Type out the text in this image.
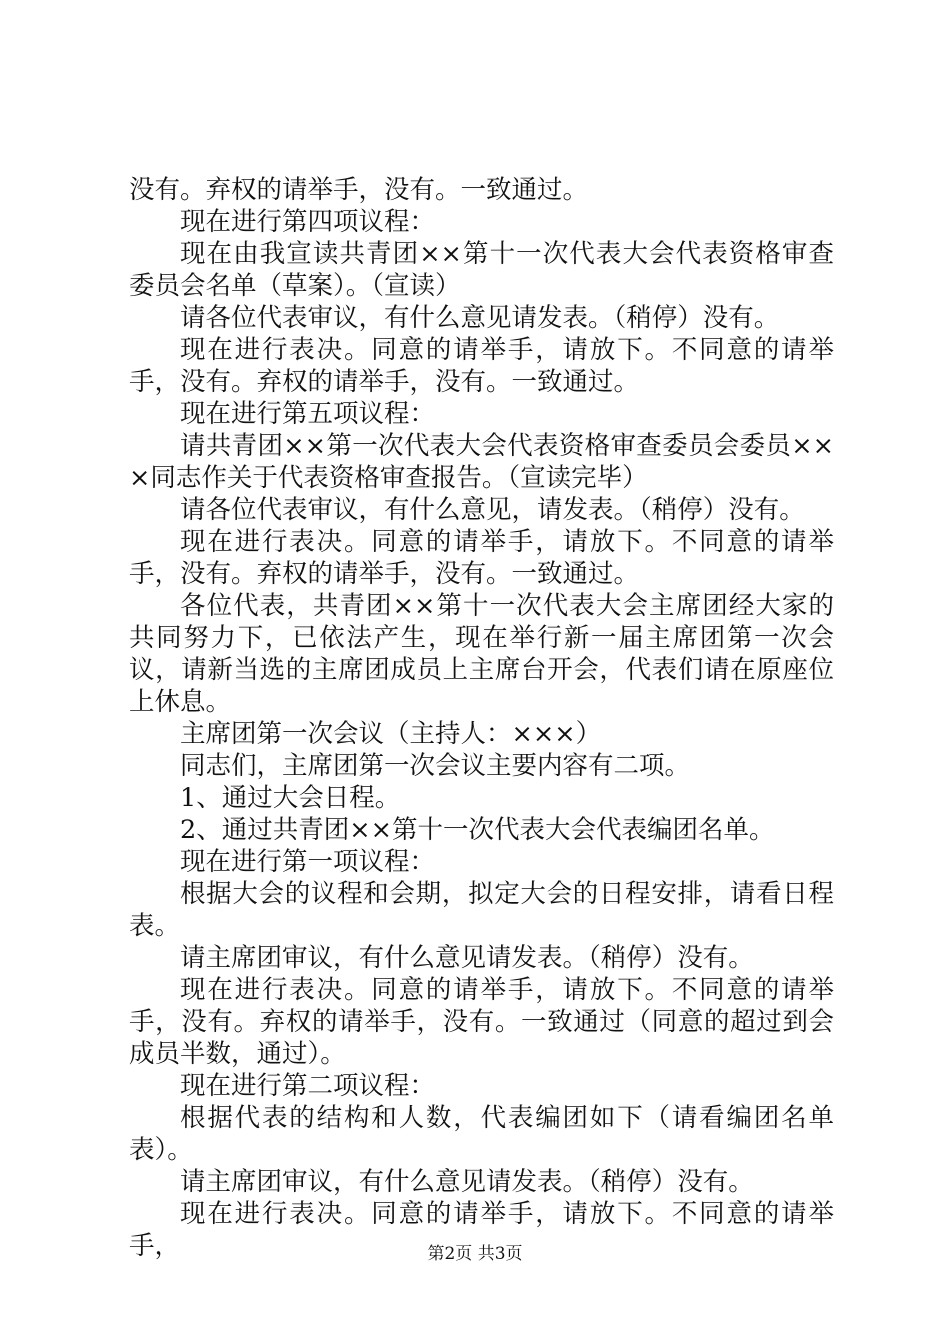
没有。弃权的请举手，没有。一致通过。

现在进行第四项议程：

现在由我宣读共青团××第十一次代表大会代表资格审查委员会名单（草案）。（宣读）

请各位代表审议，有什么意见请发表。（稍停）没有。

现在进行表决。同意的请举手，请放下。不同意的请举手，没有。弃权的请举手，没有。一致通过。

现在进行第五项议程：

请共青团××第一次代表大会代表资格审查委员会委员×××同志作关于代表资格审查报告。（宣读完毕）

请各位代表审议，有什么意见，请发表。（稍停）没有。

现在进行表决。同意的请举手，请放下。不同意的请举手，没有。弃权的请举手，没有。一致通过。

各位代表，共青团××第十一次代表大会主席团经大家的共同努力下，已依法产生，现在举行新一届主席团第一次会议，请新当选的主席团成员上主席台开会，代表们请在原座位上休息。

主席团第一次会议（主持人：×××）

同志们，主席团第一次会议主要内容有二项。

1、通过大会日程。

2、通过共青团××第十一次代表大会代表编团名单。

现在进行第一项议程：

根据大会的议程和会期，拟定大会的日程安排，请看日程表。

请主席团审议，有什么意见请发表。（稍停）没有。

现在进行表决。同意的请举手，请放下。不同意的请举手，没有。弃权的请举手，没有。一致通过（同意的超过到会成员半数，通过）。

现在进行第二项议程：

根据代表的结构和人数，代表编团如下（请看编团名单表）。

请主席团审议，有什么意见请发表。（稍停）没有。

现在进行表决。同意的请举手，请放下。不同意的请举手，	第2页 共3页
